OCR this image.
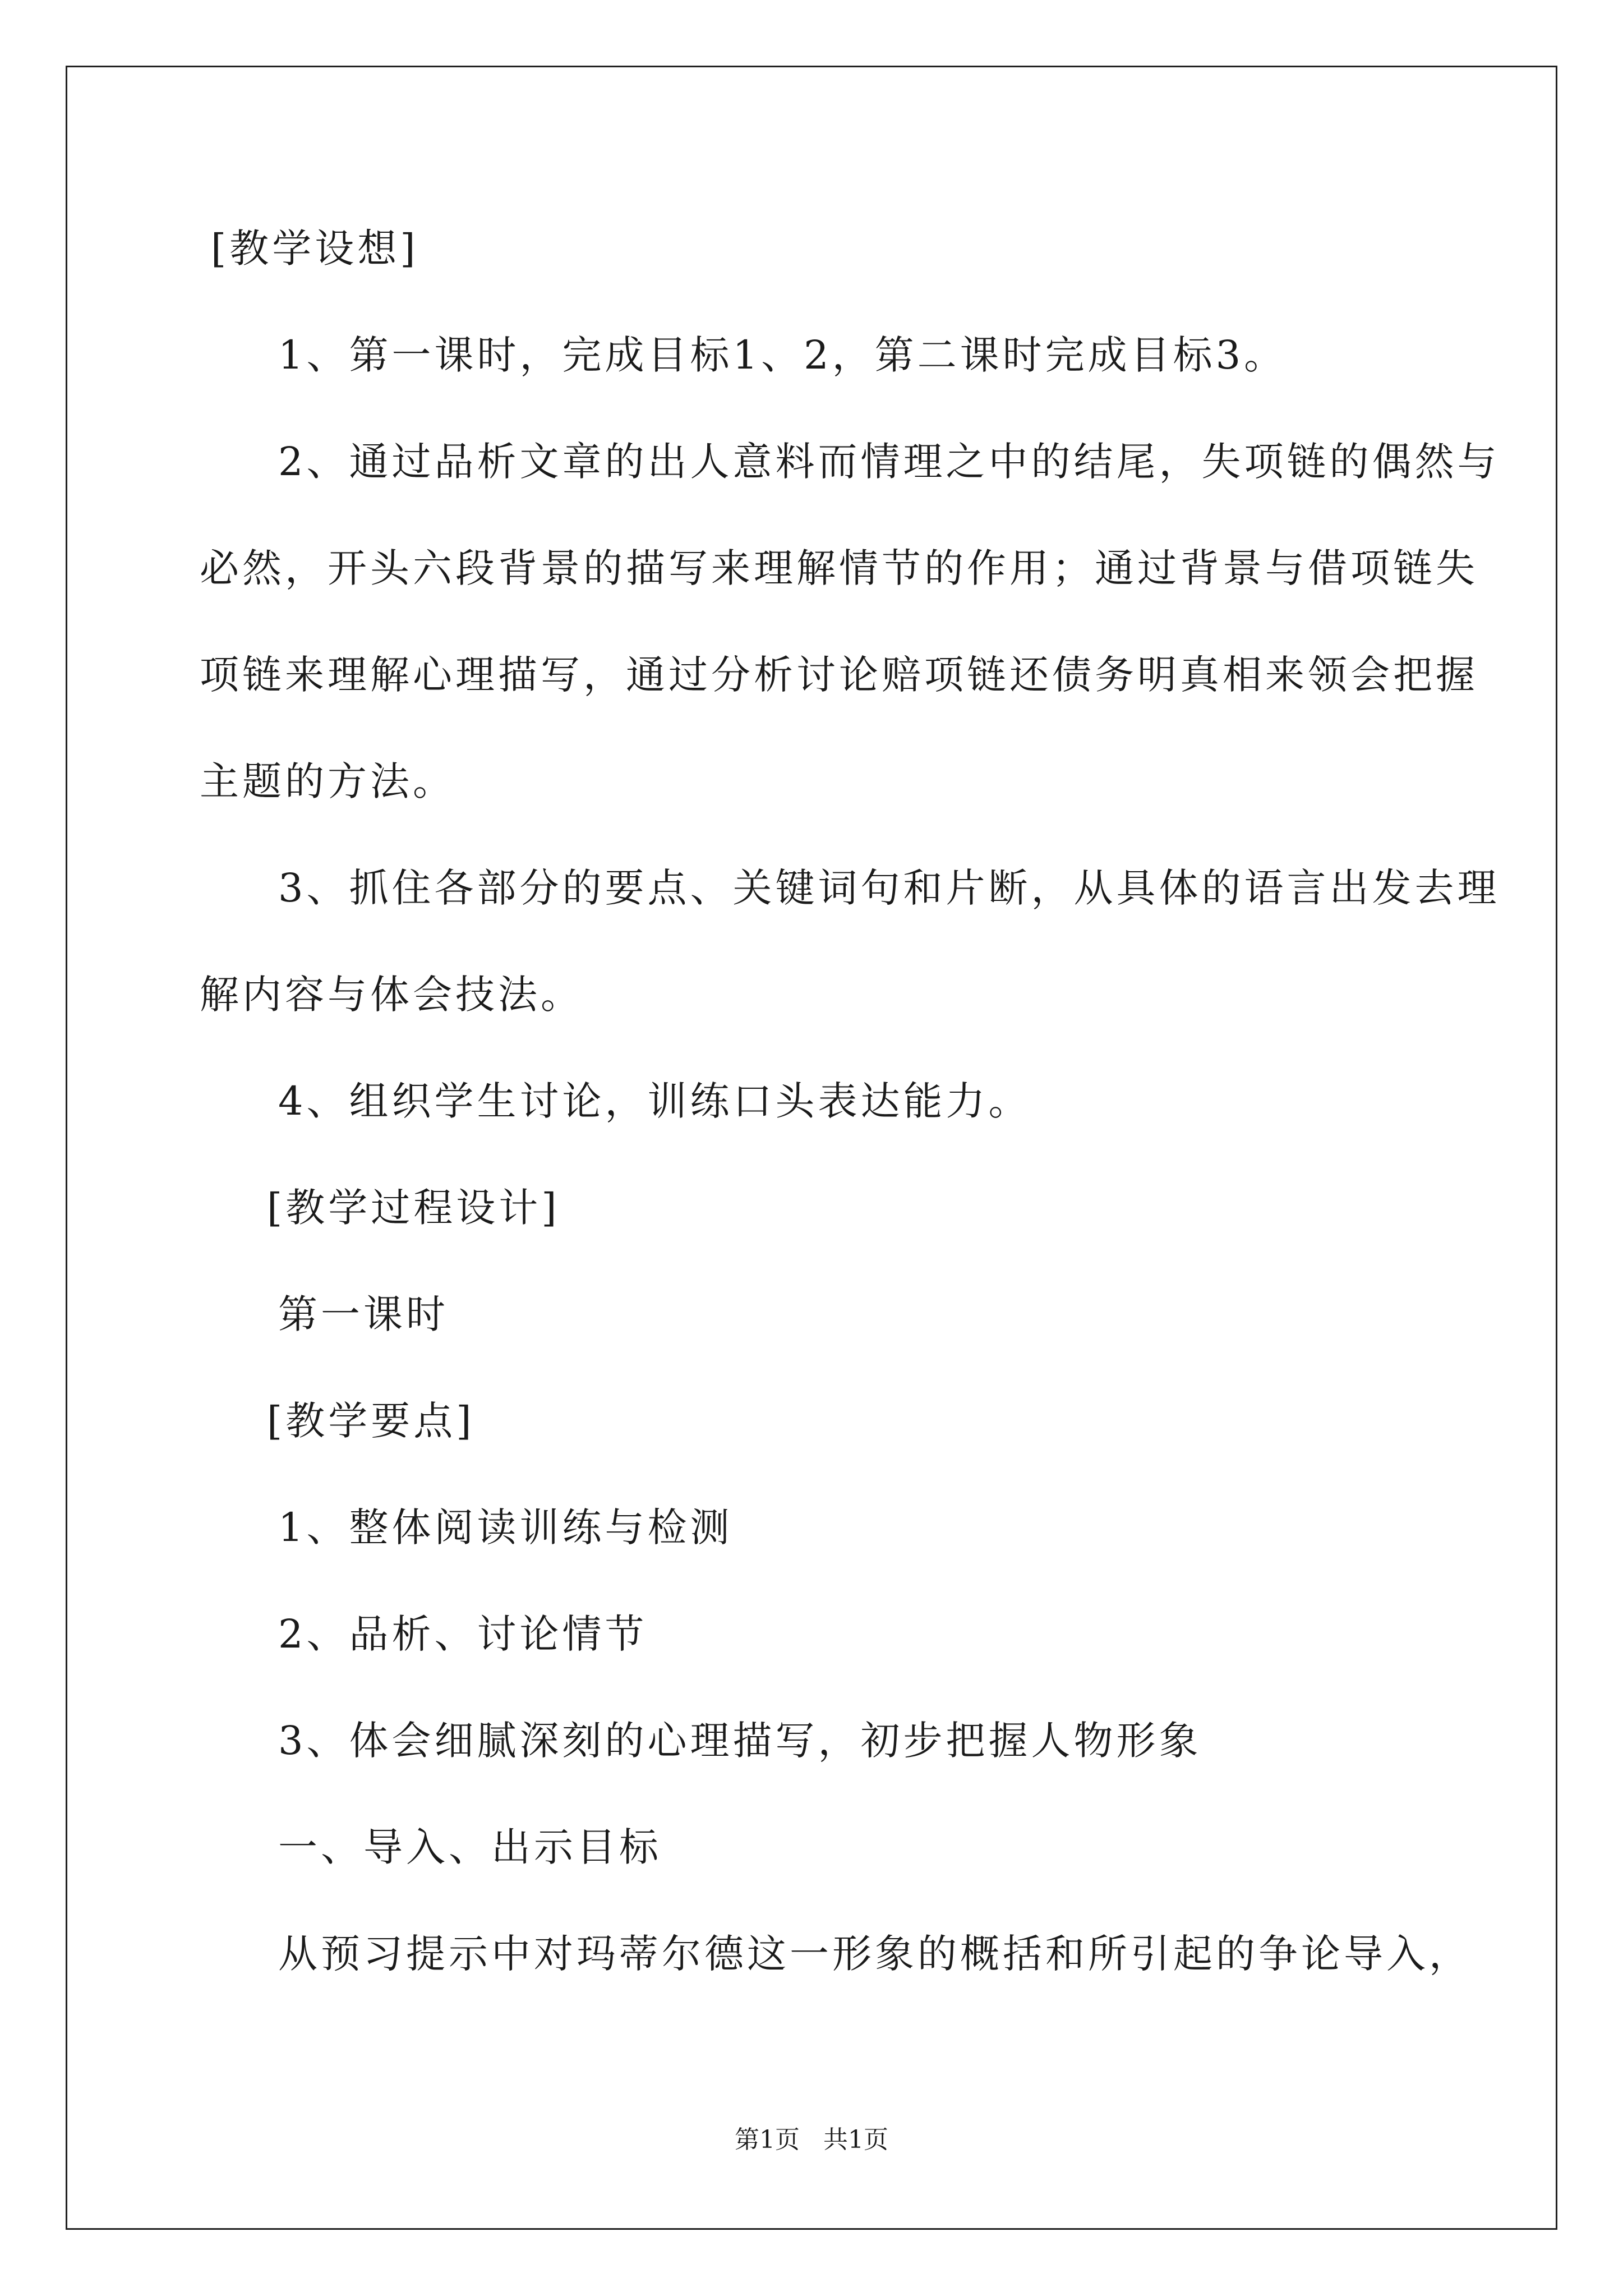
[教学设想]
1、第一课时，完成目标1、2，第二课时完成目标3。
2、通过品析文章的出人意料而情理之中的结尾，失项链的偶然与
必然，开头六段背景的描写来理解情节的作用；通过背景与借项链失
项链来理解心理描写，通过分析讨论赔项链还债务明真相来领会把握
主题的方法。
3、抓住各部分的要点、关键词句和片断，从具体的语言出发去理
解内容与体会技法。
4、组织学生讨论，训练口头表达能力。
[教学过程设计]
第一课时
[教学要点]
1、整体阅读训练与检测
2、品析、讨论情节
3、体会细腻深刻的心理描写，初步把握人物形象
一、导入、出示目标
从预习提示中对玛蒂尔德这一形象的概括和所引起的争论导入，
第1页   共1页
